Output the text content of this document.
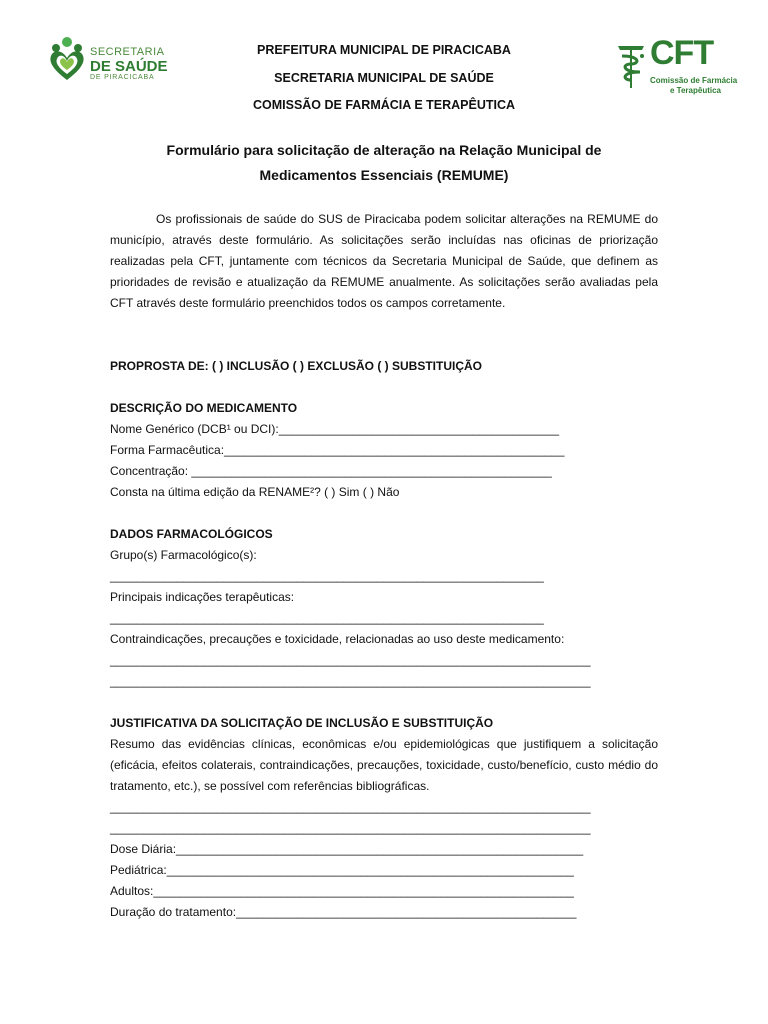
SECRETARIA
DE SAÚDE
DE PIRACICABA
CFT
Comissão de Farmácia
e Terapêutica
PREFEITURA MUNICIPAL DE PIRACICABA
SECRETARIA MUNICIPAL DE SAÚDE
COMISSÃO DE FARMÁCIA E TERAPÊUTICA
Formulário para solicitação de alteração na Relação Municipal de
Medicamentos Essenciais (REMUME)

Os profissionais de saúde do SUS de Piracicaba podem solicitar alterações na REMUME do município, através deste formulário. As solicitações serão incluídas nas oficinas de priorização realizadas pela CFT, juntamente com técnicos da Secretaria Municipal de Saúde, que definem as prioridades de revisão e atualização da REMUME anualmente. As solicitações serão avaliadas pela CFT através deste formulário preenchidos todos os campos corretamente.

PROPROSTA DE: ( ) INCLUSÃO ( ) EXCLUSÃO ( ) SUBSTITUIÇÃO
DESCRIÇÃO DO MEDICAMENTO
Nome Genérico (DCB¹ ou DCI):__________________________________________
Forma Farmacêutica:___________________________________________________
Concentração: ______________________________________________________
Consta na última edição da RENAME²? ( ) Sim ( ) Não
DADOS FARMACOLÓGICOS
Grupo(s) Farmacológico(s):
_________________________________________________________________
Principais indicações terapêuticas:
_________________________________________________________________
Contraindicações, precauções e toxicidade, relacionadas ao uso deste medicamento:
________________________________________________________________________
________________________________________________________________________
JUSTIFICATIVA DA SOLICITAÇÃO DE INCLUSÃO E SUBSTITUIÇÃO

Resumo das evidências clínicas, econômicas e/ou epidemiológicas que justifiquem a solicitação (eficácia, efeitos colaterais, contraindicações, precauções, toxicidade, custo/benefício, custo médio do tratamento, etc.), se possível com referências bibliográficas.

________________________________________________________________________
________________________________________________________________________
Dose Diária:_____________________________________________________________
Pediátrica:_____________________________________________________________
Adultos:_______________________________________________________________
Duração do tratamento:___________________________________________________
